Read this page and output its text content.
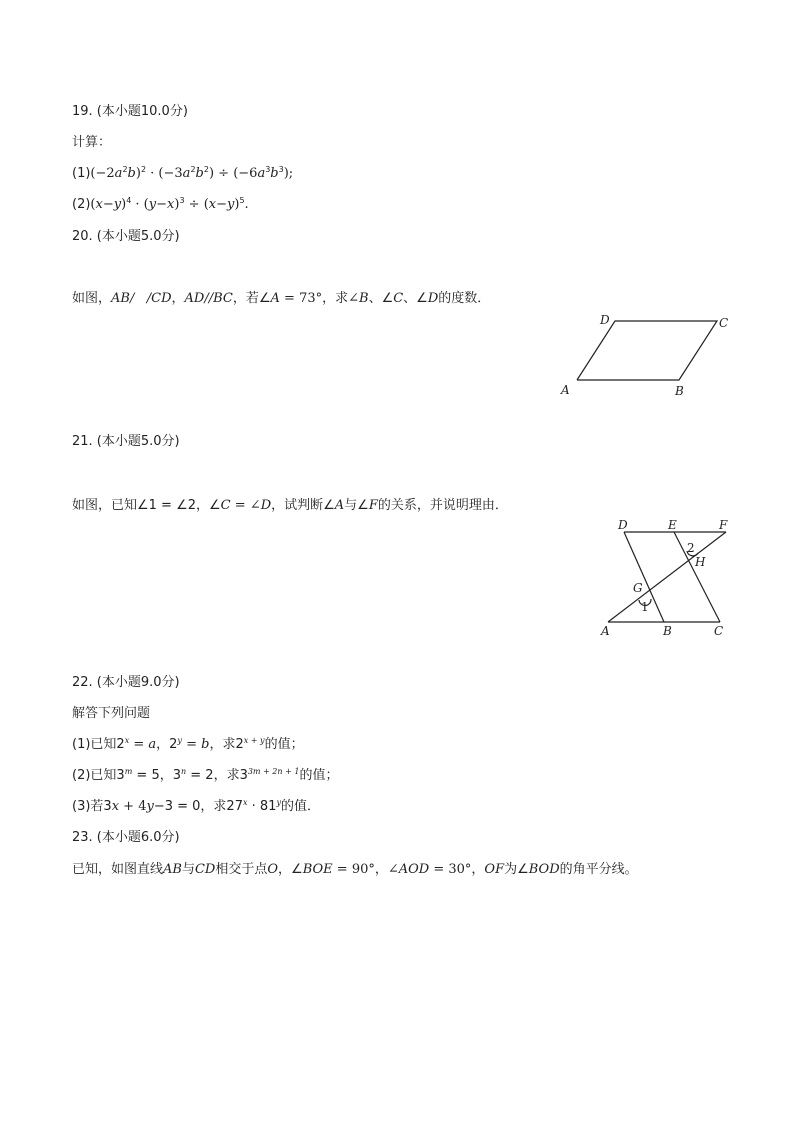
19. (本小题10.0分)
计算：
$(1)(-2a^2b)^2 \cdot (-3a^2b^2) \div (-6a^3b^3)$;
$(2)(x-y)^4 \cdot (y-x)^3 \div (x-y)^5$.
20. (本小题5.0分)
如图，AB/   /CD，AD//BC，若∠A = 73°，求∠B、∠C、∠D的度数．
A	B
C
D
21. (本小题5.0分)
如图，已知∠1 = ∠2，∠C = ∠D，试判断∠A与∠F的关系，并说明理由．
D	E	F
A	B	C
G
H
1
2
22. (本小题9.0分)
解答下列问题
(1)已知$2^x = a$，$2^y = b$，求$2^{x + y}$的值；
(2)已知$3^m = 5$，$3^n = 2$，求$3^{3m + 2n + 1}$的值；
(3)若3x + 4y−3 = 0，求$27^x \cdot 81^y$的值．
23. (本小题6.0分)
已知，如图直线AB与CD相交于点O，∠BOE = 90°，∠AOD = 30°，OF为∠BOD的角平分线。
